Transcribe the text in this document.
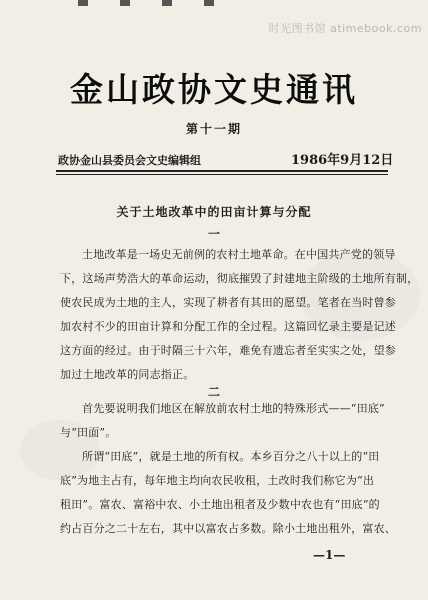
时光图书馆 atimebook.com
金山政协文史通讯
第十一期
政协金山县委员会文史编辑组	1986年9月12日
关于土地改革中的田亩计算与分配
一
土地改革是一场史无前例的农村土地革命。在中国共产党的领导
下，这场声势浩大的革命运动，彻底摧毁了封建地主阶级的土地所有制，
使农民成为土地的主人，实现了耕者有其田的愿望。笔者在当时曾参
加农村不少的田亩计算和分配工作的全过程。这篇回忆录主要是记述
这方面的经过。由于时隔三十六年，难免有遗忘者至实实之处，望参
加过土地改革的同志指正。
二
首先要说明我们地区在解放前农村土地的特殊形式——“田底”
与“田面”。
所谓“田底”，就是土地的所有权。本乡百分之八十以上的“田
底”为地主占有，每年地主均向农民收租，土改时我们称它为“出
租田”。富农、富裕中农、小土地出租者及少数中农也有“田底”的
约占百分之二十左右，其中以富农占多数。除小土地出租外，富农、
—1—
